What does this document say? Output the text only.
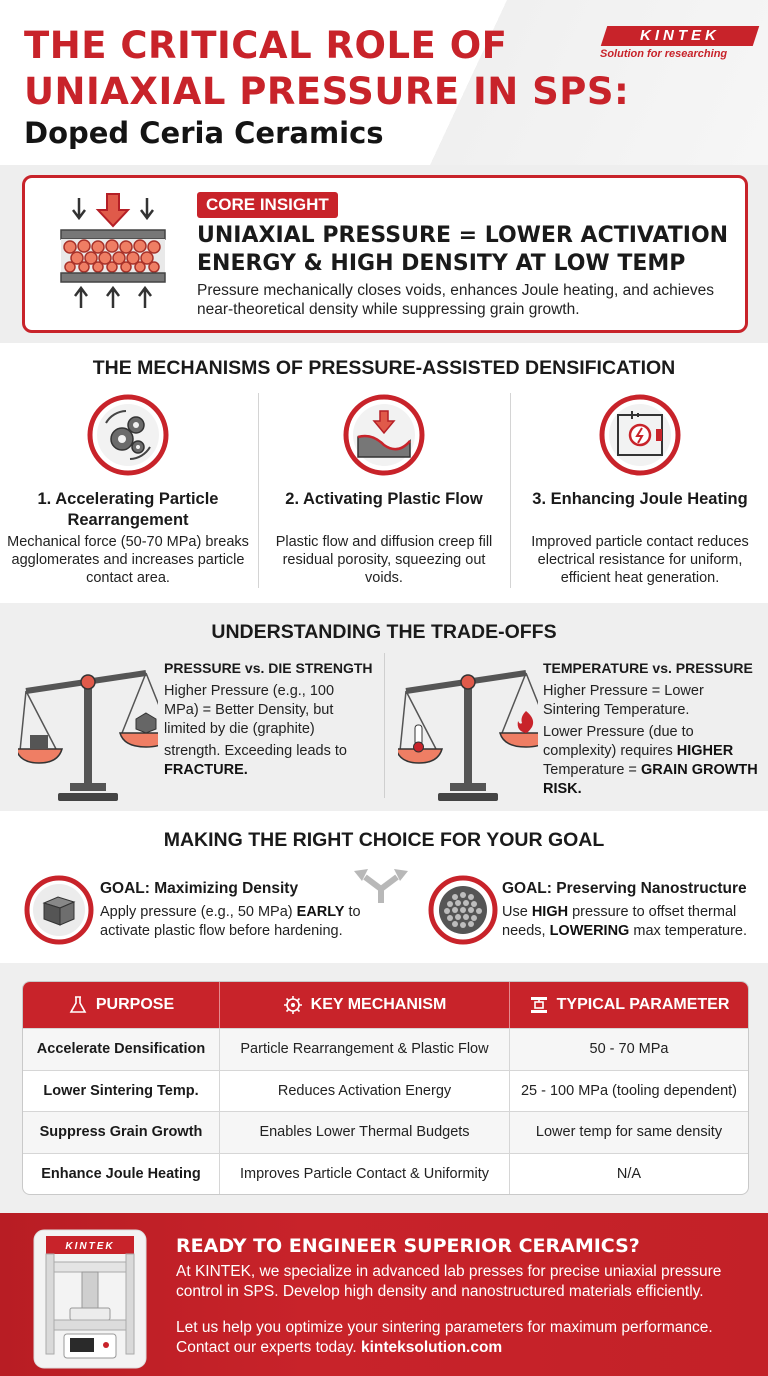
THE CRITICAL ROLE OF
UNIAXIAL PRESSURE IN SPS:
Doped Ceria Ceramics
KINTEK
Solution for researching
CORE INSIGHT
UNIAXIAL PRESSURE = LOWER ACTIVATION ENERGY & HIGH DENSITY AT LOW TEMP
Pressure mechanically closes voids, enhances Joule heating, and achieves near-theoretical density while suppressing grain growth.
THE MECHANISMS OF PRESSURE-ASSISTED DENSIFICATION
1. Accelerating Particle Rearrangement
Mechanical force (50-70 MPa) breaks agglomerates and increases particle contact area.
2. Activating Plastic Flow
Plastic flow and diffusion creep fill residual porosity, squeezing out voids.
3. Enhancing Joule Heating
Improved particle contact reduces electrical resistance for uniform, efficient heat generation.
UNDERSTANDING THE TRADE-OFFS
PRESSURE vs. DIE STRENGTH
Higher Pressure (e.g., 100 MPa) = Better Density, but limited by die (graphite)
strength. Exceeding leads to FRACTURE.
TEMPERATURE vs. PRESSURE
Higher Pressure = Lower Sintering Temperature.
Lower Pressure (due to complexity) requires HIGHER Temperature = GRAIN GROWTH RISK.
MAKING THE RIGHT CHOICE FOR YOUR GOAL
GOAL: Maximizing Density
Apply pressure (e.g., 50 MPa) EARLY to activate plastic flow before hardening.
GOAL: Preserving Nanostructure
Use HIGH pressure to offset thermal needs, LOWERING max temperature.
PURPOSE	KEY MECHANISM	TYPICAL PARAMETER
Accelerate Densification	Particle Rearrangement & Plastic Flow	50 - 70 MPa
Lower Sintering Temp.	Reduces Activation Energy	25 - 100 MPa (tooling dependent)
Suppress Grain Growth	Enables Lower Thermal Budgets	Lower temp for same density
Enhance Joule Heating	Improves Particle Contact & Uniformity	N/A
READY TO ENGINEER SUPERIOR CERAMICS?
At KINTEK, we specialize in advanced lab presses for precise uniaxial pressure control in SPS. Develop high density and nanostructured materials efficiently.
Let us help you optimize your sintering parameters for maximum performance. Contact our experts today. kinteksolution.com
KINTEK
